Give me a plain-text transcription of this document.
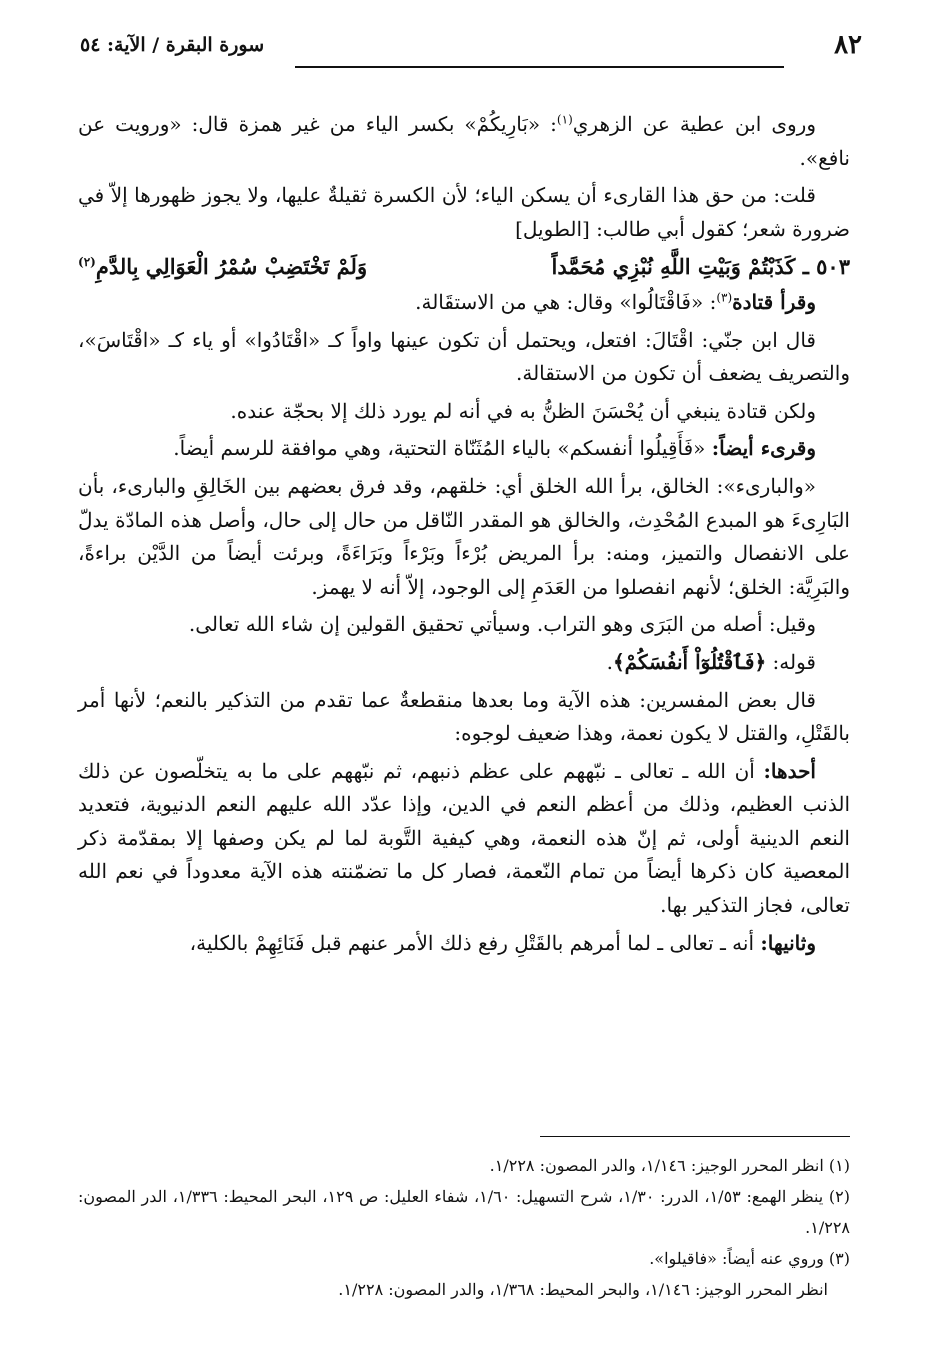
٨٢
سورة البقرة / الآية: ٥٤

وروى ابن عطية عن الزهري$^{(١)}$: «بَارِيكُمْ» بكسر الياء من غير همزة قال: «ورويت عن نافع».

قلت: من حق هذا القارىء أن يسكن الياء؛ لأن الكسرة ثقيلةٌ عليها، ولا يجوز ظهورها إلاّ في ضرورة شعر؛ كقول أبي طالب: [الطويل]

٥٠٣ ـ كَذَبْتُمْ وَبَيْتِ اللَّهِ نُبْزِي مُحَمَّداً
وَلَمْ تَخْتَضِبْ سُمْرُ الْعَوَالِي بِالدَّمِ$^{(٢)}$

وقرأ قتادة$^{(٣)}$: «فَاقْتَالُوا» وقال: هي من الاستقَالة.

قال ابن جنّي: اقْتَالَ: افتعل، ويحتمل أن تكون عينها واواً كـ «اقْتَادُوا» أو ياء كـ «اقْتَاسَ»، والتصريف يضعف أن تكون من الاستقالة.

ولكن قتادة ينبغي أن يُحْسَنَ الظنُّ به في أنه لم يورد ذلك إلا بحجّة عنده.

وقرىء أيضاً: «فَأَقِيلُوا أنفسكم» بالياء المُثَنّاة التحتية، وهي موافقة للرسم أيضاً.

«والبارىء»: الخالق، برأ الله الخلق أي: خلقهم، وقد فرق بعضهم بين الخَالِقِ والبارىء، بأن البَارِىءَ هو المبدع المُحْدِث، والخالق هو المقدر النّاقل من حال إلى حال، وأصل هذه المادّة يدلّ على الانفصال والتميز، ومنه: برأ المريض بُرْءاً وبَرْءاً وبَرَاءَةً، وبرئت أيضاً من الدَّيْن براءةً، والبَرِيَّة: الخلق؛ لأنهم انفصلوا من العَدَمِ إلى الوجود، إلاّ أنه لا يهمز.

وقيل: أصله من البَرَى وهو التراب. وسيأتي تحقيق القولين إن شاء الله تعالى.

قوله: ﴿فَٱقْتُلُوٓاْ أَنفُسَكُمْ﴾.

قال بعض المفسرين: هذه الآية وما بعدها منقطعةٌ عما تقدم من التذكير بالنعم؛ لأنها أمر بالقَتْلِ، والقتل لا يكون نعمة، وهذا ضعيف لوجوه:

أحدها: أن الله ـ تعالى ـ نبّههم على عظم ذنبهم، ثم نبّههم على ما به يتخلّصون عن ذلك الذنب العظيم، وذلك من أعظم النعم في الدين، وإذا عدّد الله عليهم النعم الدنيوية، فتعديد النعم الدينية أولى، ثم إنّ هذه النعمة، وهي كيفية التَّوبة لما لم يكن وصفها إلا بمقدّمة ذكر المعصية كان ذكرها أيضاً من تمام النّعمة، فصار كل ما تضمّنته هذه الآية معدوداً في نعم الله تعالى، فجاز التذكير بها.

وثانيها: أنه ـ تعالى ـ لما أمرهم بالقَتْلِ رفع ذلك الأمر عنهم قبل فَنَائِهِمْ بالكلية،

(١) انظر المحرر الوجيز: ١/١٤٦، والدر المصون: ١/٢٢٨.

(٢) ينظر الهمع: ١/٥٣، الدرر: ١/٣٠، شرح التسهيل: ١/٦٠، شفاء العليل: ص ١٢٩، البحر المحيط: ١/٣٣٦، الدر المصون: ١/٢٢٨.

(٣) وروي عنه أيضاً: «فاقيلوا».

انظر المحرر الوجيز: ١/١٤٦، والبحر المحيط: ١/٣٦٨، والدر المصون: ١/٢٢٨.
